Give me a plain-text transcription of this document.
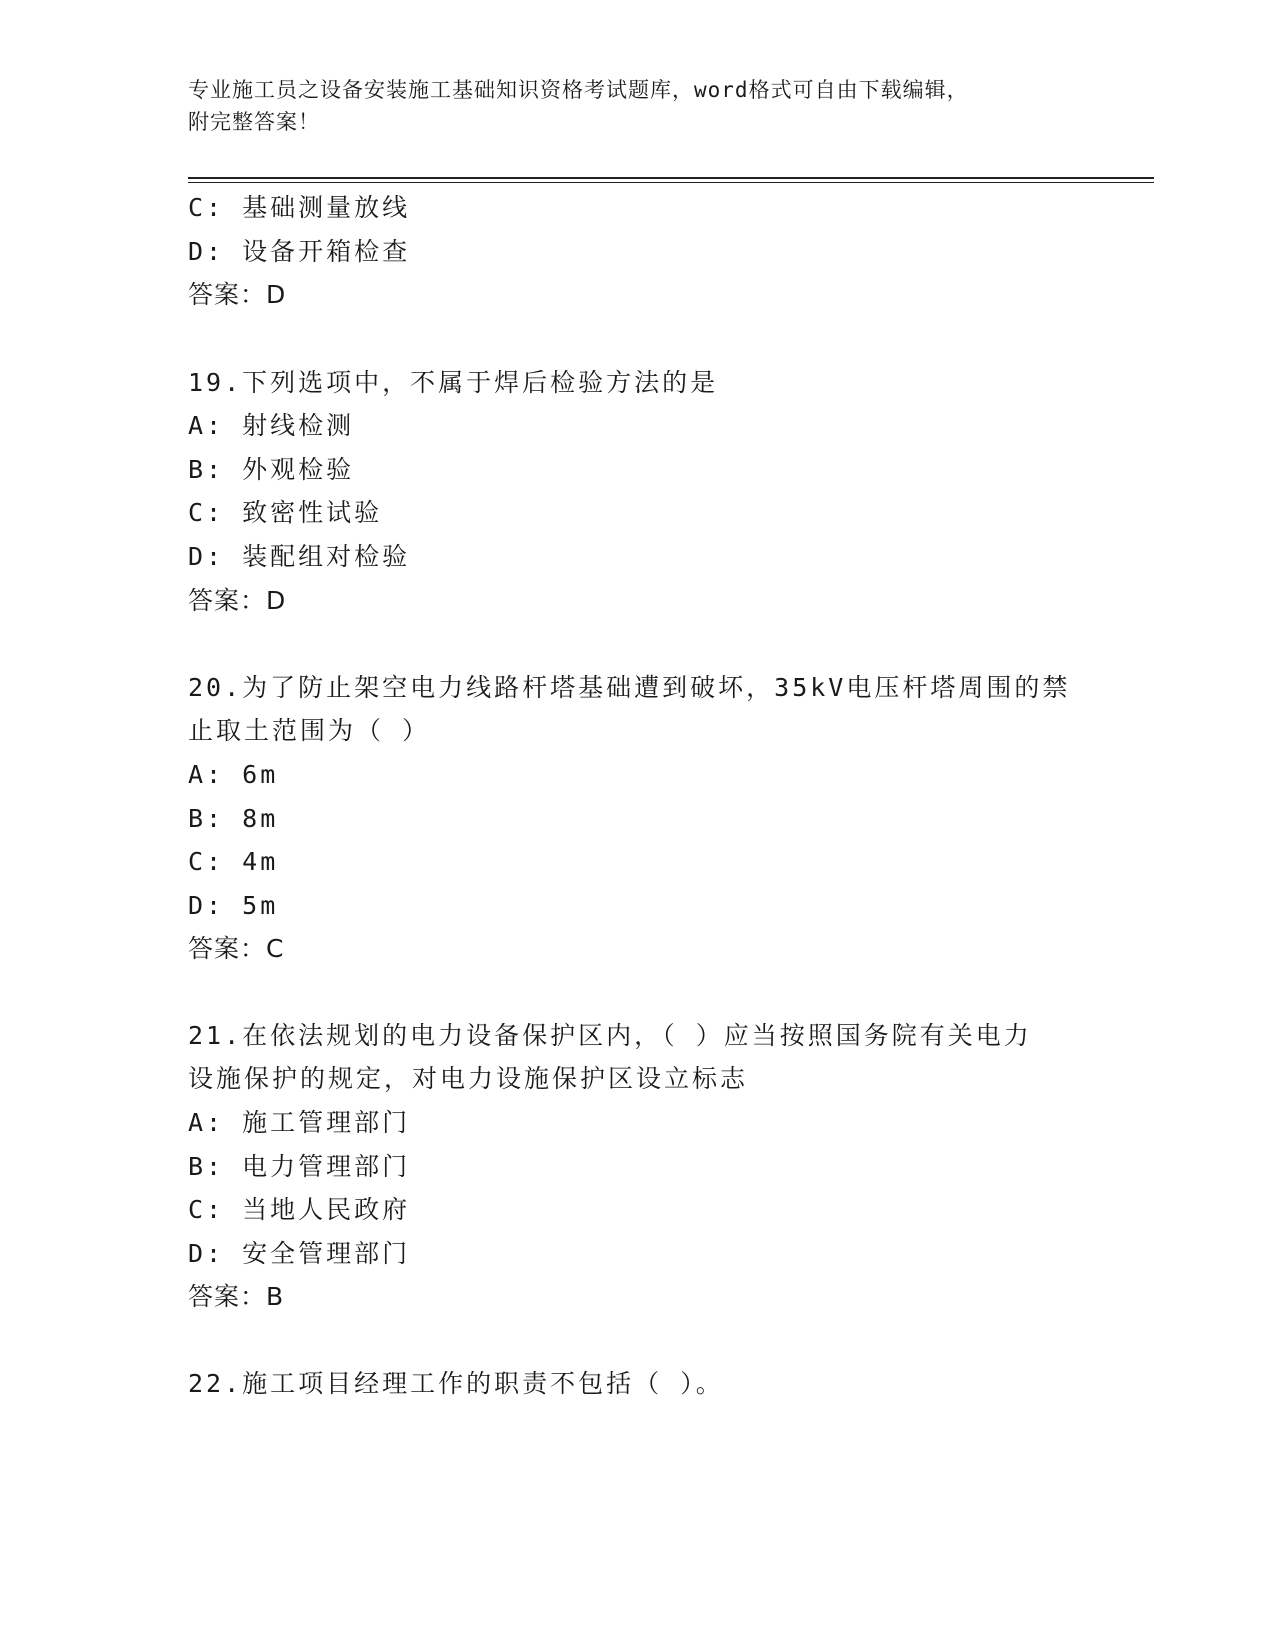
专业施工员之设备安装施工基础知识资格考试题库，word格式可自由下载编辑，
附完整答案！
C: 基础测量放线
D: 设备开箱检查
答案：D
19.下列选项中，不属于焊后检验方法的是
A: 射线检测
B: 外观检验
C: 致密性试验
D: 装配组对检验
答案：D
20.为了防止架空电力线路杆塔基础遭到破坏，35kV电压杆塔周围的禁
止取土范围为（ ）
A: 6m
B: 8m
C: 4m
D: 5m
答案：C
21.在依法规划的电力设备保护区内，（ ）应当按照国务院有关电力
设施保护的规定，对电力设施保护区设立标志
A: 施工管理部门
B: 电力管理部门
C: 当地人民政府
D: 安全管理部门
答案：B
22.施工项目经理工作的职责不包括（ ）。
